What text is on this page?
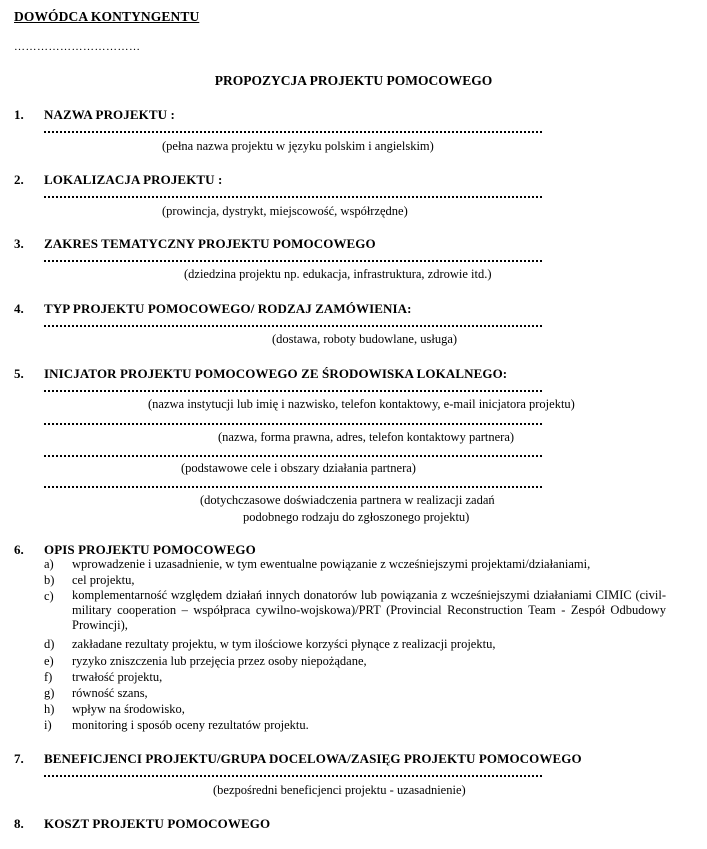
DOWÓDCA KONTYNGENTU
……………………………
PROPOZYCJA PROJEKTU POMOCOWEGO
1. NAZWA PROJEKTU :
(pełna nazwa projektu w języku polskim i angielskim)
2. LOKALIZACJA PROJEKTU :
(prowincja, dystrykt, miejscowość, współrzędne)
3. ZAKRES TEMATYCZNY PROJEKTU POMOCOWEGO
(dziedzina projektu np. edukacja, infrastruktura, zdrowie itd.)
4. TYP PROJEKTU POMOCOWEGO/ RODZAJ ZAMÓWIENIA:
(dostawa, roboty budowlane, usługa)
5. INICJATOR PROJEKTU POMOCOWEGO ZE ŚRODOWISKA LOKALNEGO:
(nazwa instytucji lub imię i nazwisko, telefon kontaktowy, e-mail inicjatora projektu)
(nazwa, forma prawna, adres, telefon kontaktowy partnera)
(podstawowe cele i obszary działania partnera)
(dotychczasowe doświadczenia partnera w realizacji zadań
podobnego rodzaju do zgłoszonego projektu)
6. OPIS PROJEKTU POMOCOWEGO
a) wprowadzenie i uzasadnienie, w tym ewentualne powiązanie z wcześniejszymi projektami/działaniami,
b) cel projektu,
c) komplementarność względem działań innych donatorów lub powiązania z wcześniejszymi działaniami CIMIC (civil-military cooperation – współpraca cywilno-wojskowa)/PRT (Provincial Reconstruction Team - Zespół Odbudowy Prowincji),
d) zakładane rezultaty projektu, w tym ilościowe korzyści płynące z realizacji projektu,
e) ryzyko zniszczenia lub przejęcia przez osoby niepożądane,
f) trwałość projektu,
g) równość szans,
h) wpływ na środowisko,
i) monitoring i sposób oceny rezultatów projektu.
7. BENEFICJENCI PROJEKTU/GRUPA DOCELOWA/ZASIĘG PROJEKTU POMOCOWEGO
(bezpośredni beneficjenci projektu - uzasadnienie)
8. KOSZT PROJEKTU POMOCOWEGO
